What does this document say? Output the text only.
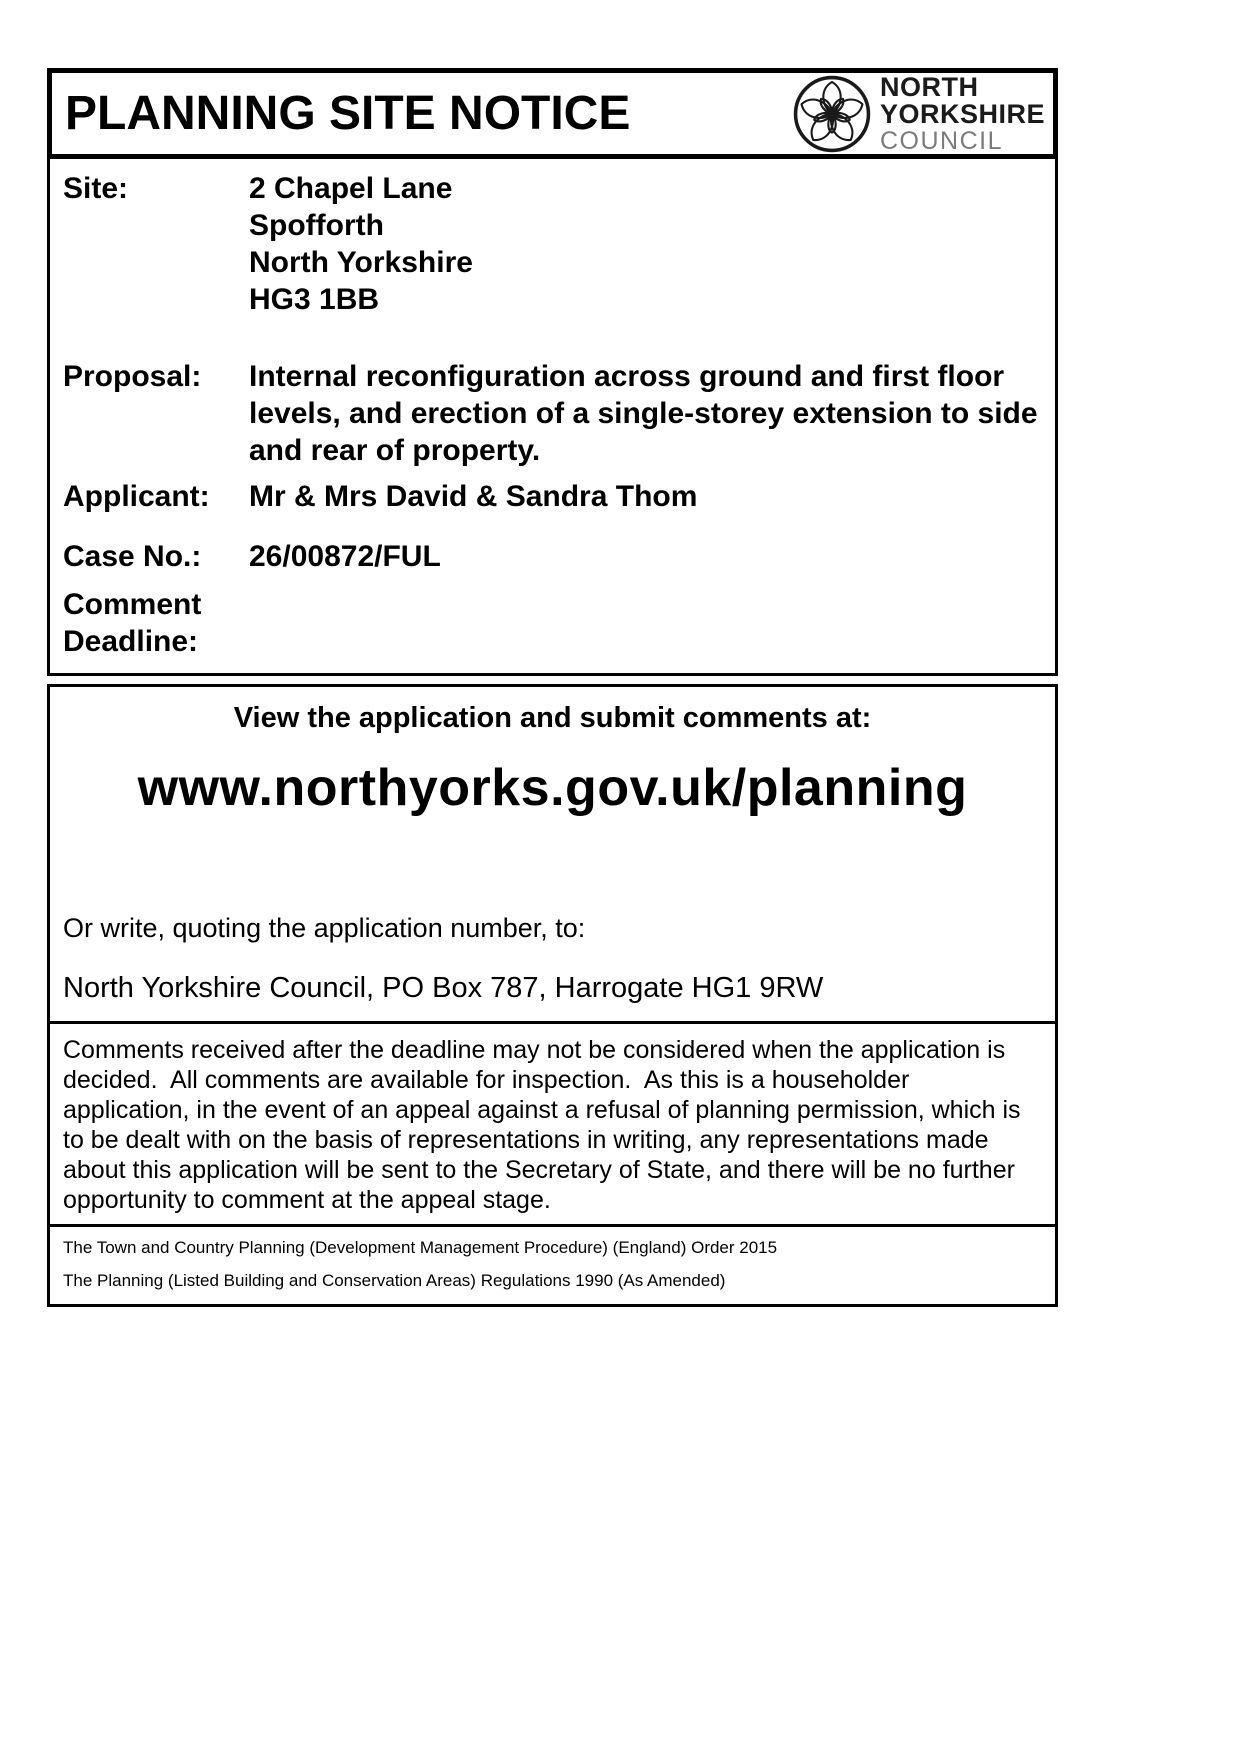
PLANNING SITE NOTICE
NORTH
YORKSHIRE
COUNCIL
Site:	2 Chapel Lane
Spofforth
North Yorkshire
HG3 1BB
Proposal:	Internal reconfiguration across ground and first floor levels, and erection of a single-storey extension to side and rear of property.
Applicant:	Mr & Mrs David & Sandra Thom
Case No.:	26/00872/FUL
Comment Deadline:
View the application and submit comments at:
www.northyorks.gov.uk/planning
Or write, quoting the application number, to:
North Yorkshire Council, PO Box 787, Harrogate HG1 9RW
Comments received after the deadline may not be considered when the application is decided.  All comments are available for inspection.  As this is a householder application, in the event of an appeal against a refusal of planning permission, which is to be dealt with on the basis of representations in writing, any representations made about this application will be sent to the Secretary of State, and there will be no further opportunity to comment at the appeal stage.
The Town and Country Planning (Development Management Procedure) (England) Order 2015
The Planning (Listed Building and Conservation Areas) Regulations 1990 (As Amended)
